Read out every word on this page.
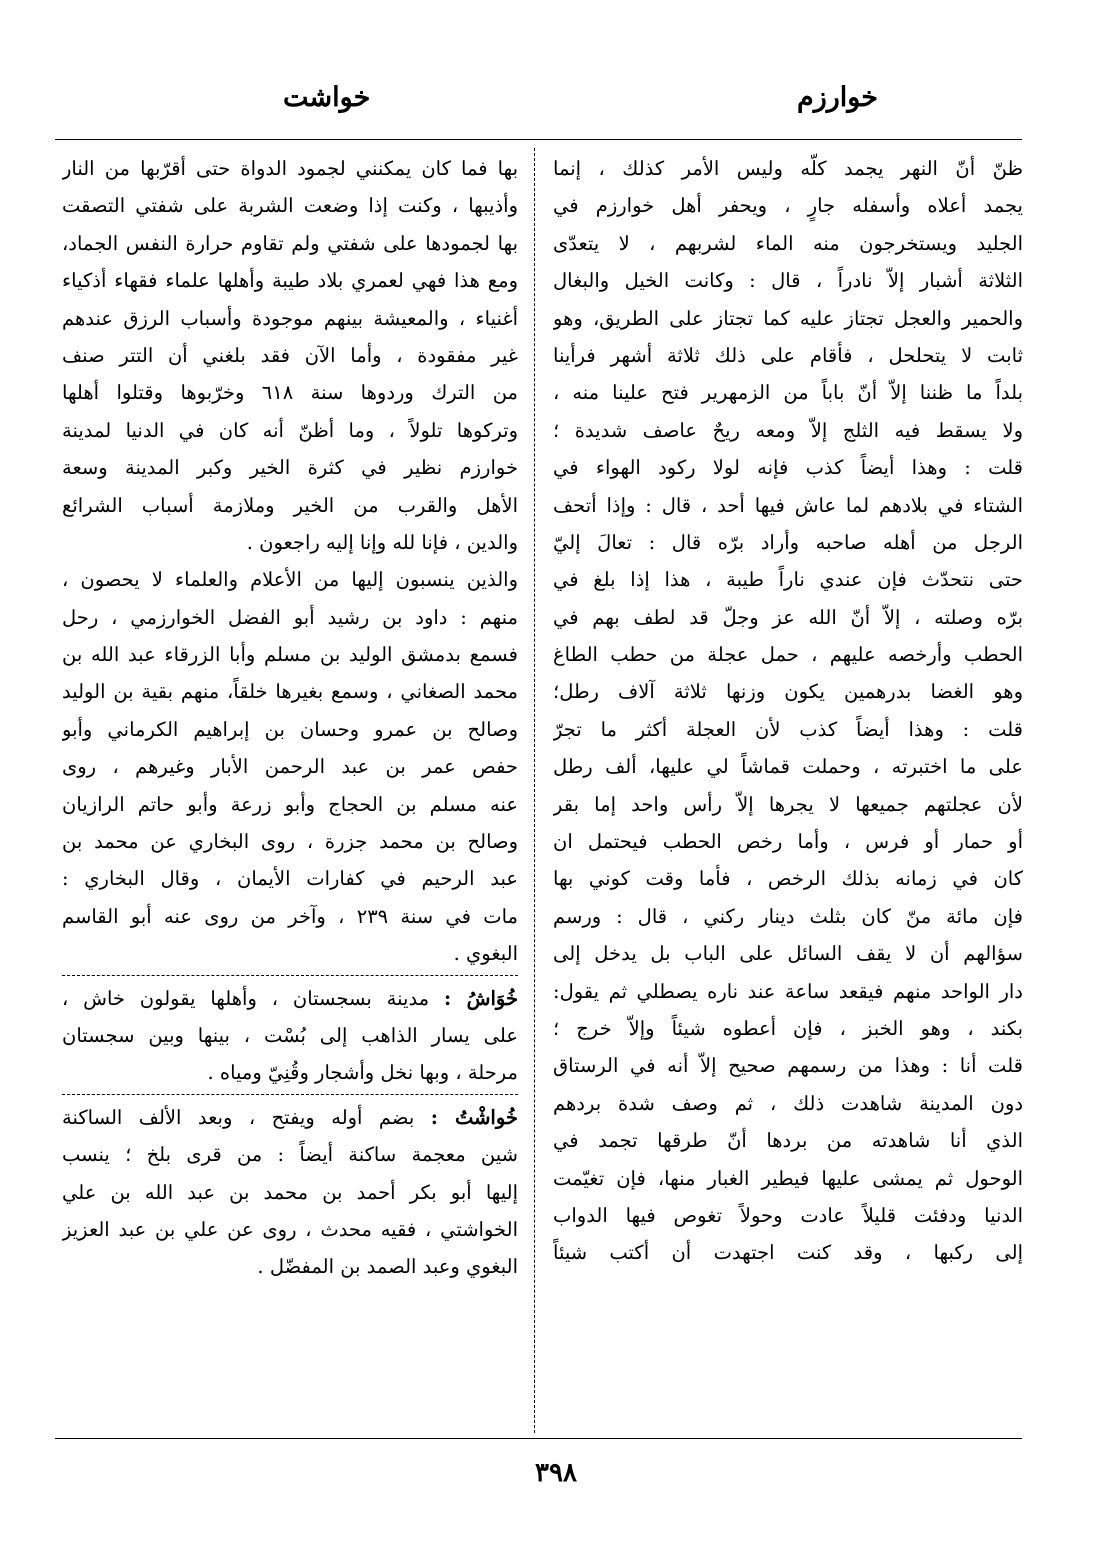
خوارزم
خواشت
ظنّ أنّ النهر يجمد كلّه وليس الأمر كذلك ، إنما
يجمد أعلاه وأسفله جارٍ ، ويحفر أهل خوارزم في
الجليد ويستخرجون منه الماء لشربهم ، لا يتعدّى
الثلاثة أشبار إلاّ نادراً ، قال : وكانت الخيل والبغال
والحمير والعجل تجتاز عليه كما تجتاز على الطريق، وهو
ثابت لا يتحلحل ، فأقام على ذلك ثلاثة أشهر فرأينا
بلداً ما ظننا إلاّ أنّ باباً من الزمهرير فتح علينا منه ،
ولا يسقط فيه الثلج إلاّ ومعه ريحٌ عاصف شديدة ؛
قلت : وهذا أيضاً كذب فإنه لولا ركود الهواء في
الشتاء في بلادهم لما عاش فيها أحد ، قال : وإذا أتحف
الرجل من أهله صاحبه وأراد برّه قال : تعالَ إليّ
حتى نتحدّث فإن عندي ناراً طيبة ، هذا إذا بلغ في
برّه وصلته ، إلاّ أنّ الله عز وجلّ قد لطف بهم في
الحطب وأرخصه عليهم ، حمل عجلة من حطب الطاغ
وهو الغضا بدرهمين يكون وزنها ثلاثة آلاف رطل؛
قلت : وهذا أيضاً كذب لأن العجلة أكثر ما تجرّ
على ما اختبرته ، وحملت قماشاً لي عليها، ألف رطل
لأن عجلتهم جميعها لا يجرها إلاّ رأس واحد إما بقر
أو حمار أو فرس ، وأما رخص الحطب فيحتمل ان
كان في زمانه بذلك الرخص ، فأما وقت كوني بها
فإن مائة منّ كان بثلث دينار ركني ، قال : ورسم
سؤالهم أن لا يقف السائل على الباب بل يدخل إلى
دار الواحد منهم فيقعد ساعة عند ناره يصطلي ثم يقول:
بكند ، وهو الخبز ، فإن أعطوه شيئاً وإلاّ خرج ؛
قلت أنا : وهذا من رسمهم صحيح إلاّ أنه في الرستاق
دون المدينة شاهدت ذلك ، ثم وصف شدة بردهم
الذي أنا شاهدته من بردها أنّ طرقها تجمد في
الوحول ثم يمشى عليها فيطير الغبار منها، فإن تغيّمت
الدنيا ودفئت قليلاً عادت وحولاً تغوص فيها الدواب
إلى ركبها ، وقد كنت اجتهدت أن أكتب شيئاً
بها فما كان يمكنني لجمود الدواة حتى أقرّبها من النار
وأذيبها ، وكنت إذا وضعت الشربة على شفتي التصقت
بها لجمودها على شفتي ولم تقاوم حرارة النفس الجماد،
ومع هذا فهي لعمري بلاد طيبة وأهلها علماء فقهاء أذكياء
أغنياء ، والمعيشة بينهم موجودة وأسباب الرزق عندهم
غير مفقودة ، وأما الآن فقد بلغني أن التتر صنف
من الترك وردوها سنة ٦١٨ وخرّبوها وقتلوا أهلها
وتركوها تلولاً ، وما أظنّ أنه كان في الدنيا لمدينة
خوارزم نظير في كثرة الخير وكبر المدينة وسعة
الأهل والقرب من الخير وملازمة أسباب الشرائع
والدين ، فإنا لله وإنا إليه راجعون .
والذين ينسبون إليها من الأعلام والعلماء لا يحصون ،
منهم : داود بن رشيد أبو الفضل الخوارزمي ، رحل
فسمع بدمشق الوليد بن مسلم وأبا الزرقاء عبد الله بن
محمد الصغاني ، وسمع بغيرها خلقاً، منهم بقية بن الوليد
وصالح بن عمرو وحسان بن إبراهيم الكرماني وأبو
حفص عمر بن عبد الرحمن الأبار وغيرهم ، روى
عنه مسلم بن الحجاج وأبو زرعة وأبو حاتم الرازيان
وصالح بن محمد جزرة ، روى البخاري عن محمد بن
عبد الرحيم في كفارات الأيمان ، وقال البخاري :
مات في سنة ٢٣٩ ، وآخر من روى عنه أبو القاسم
البغوي .
خُوَاشُ : مدينة بسجستان ، وأهلها يقولون خاش ،
على يسار الذاهب إلى بُسْت ، بينها وبين سجستان
مرحلة ، وبها نخل وأشجار وقُنِيّ ومياه .
خُواشْتُ : بضم أوله ويفتح ، وبعد الألف الساكنة
شين معجمة ساكنة أيضاً : من قرى بلخ ؛ ينسب
إليها أبو بكر أحمد بن محمد بن عبد الله بن علي
الخواشتي ، فقيه محدث ، روى عن علي بن عبد العزيز
البغوي وعبد الصمد بن المفضّل .
٣٩٨
